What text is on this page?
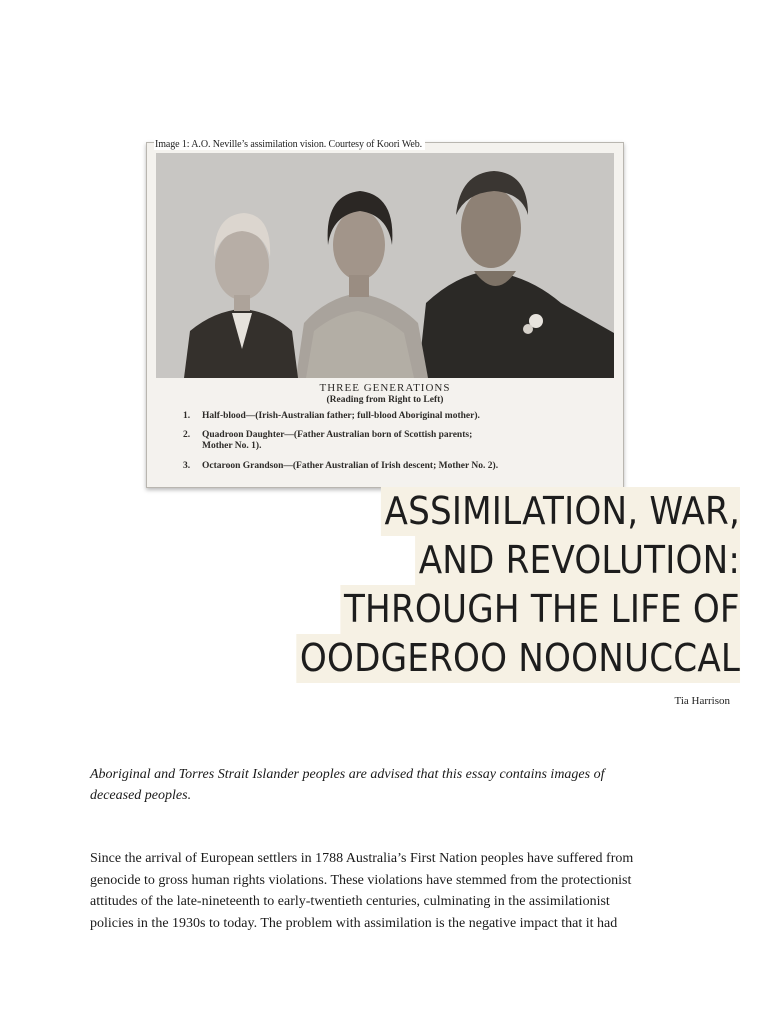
THREE GENERATIONS
(Reading from Right to Left)
1. Half-blood—(Irish-Australian father; full-blood Aboriginal mother).
2. Quadroon Daughter—(Father Australian born of Scottish parents;
Mother No. 1).
3. Octaroon Grandson—(Father Australian of Irish descent; Mother No. 2).
Image 1: A.O. Neville’s assimilation vision. Courtesy of Koori Web.
ASSIMILATION, WAR,
AND REVOLUTION:
THROUGH THE LIFE OF
OODGEROO NOONUCCAL
Tia Harrison
Aboriginal and Torres Strait Islander peoples are advised that this essay contains images of
deceased peoples.
Since the arrival of European settlers in 1788 Australia’s First Nation peoples have suffered from
genocide to gross human rights violations. These violations have stemmed from the protectionist
attitudes of the late-nineteenth to early-twentieth centuries, culminating in the assimilationist
policies in the 1930s to today. The problem with assimilation is the negative impact that it had
